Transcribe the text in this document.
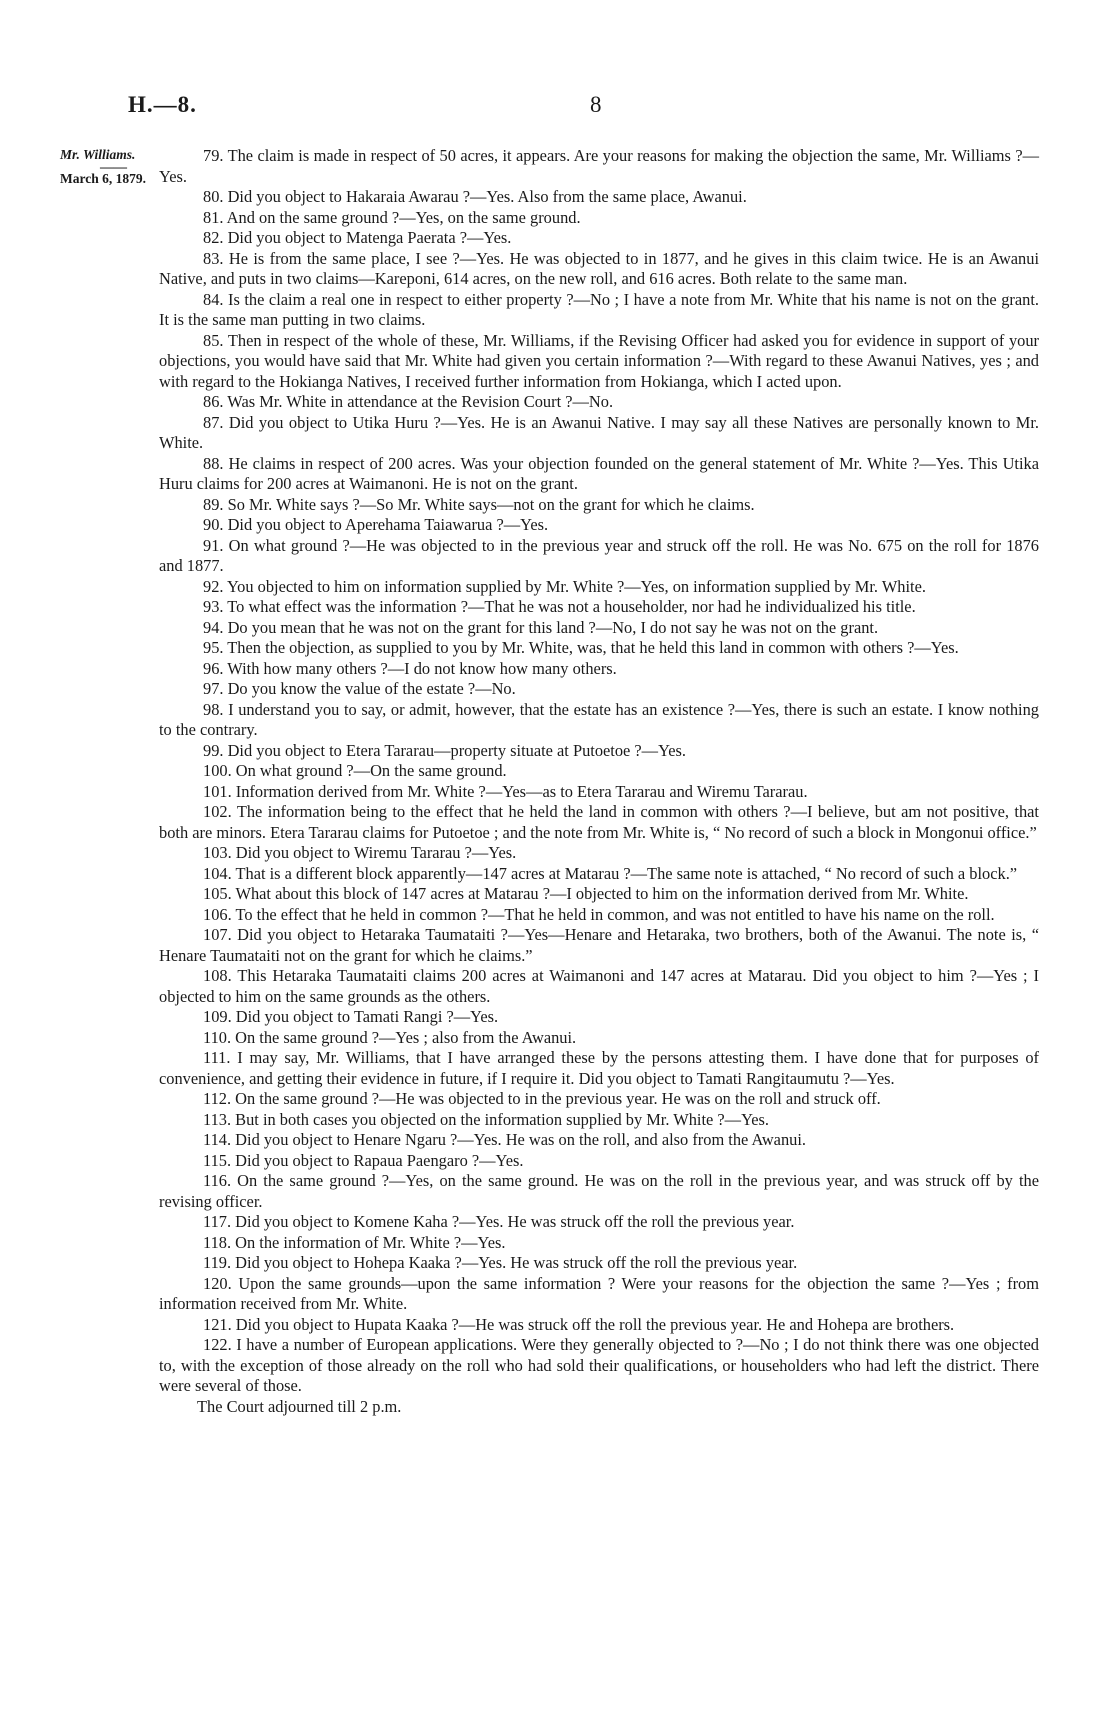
H.—8.	8
Mr. Williams.
——
March 6, 1879.

79. The claim is made in respect of 50 acres, it appears. Are your reasons for making the objection the same, Mr. Williams ?—Yes.

80. Did you object to Hakaraia Awarau ?—Yes. Also from the same place, Awanui.

81. And on the same ground ?—Yes, on the same ground.

82. Did you object to Matenga Paerata ?—Yes.

83. He is from the same place, I see ?—Yes. He was objected to in 1877, and he gives in this claim twice. He is an Awanui Native, and puts in two claims—Kareponi, 614 acres, on the new roll, and 616 acres. Both relate to the same man.

84. Is the claim a real one in respect to either property ?—No ; I have a note from Mr. White that his name is not on the grant. It is the same man putting in two claims.

85. Then in respect of the whole of these, Mr. Williams, if the Revising Officer had asked you for evidence in support of your objections, you would have said that Mr. White had given you certain information ?—With regard to these Awanui Natives, yes ; and with regard to the Hokianga Natives, I received further information from Hokianga, which I acted upon.

86. Was Mr. White in attendance at the Revision Court ?—No.

87. Did you object to Utika Huru ?—Yes. He is an Awanui Native. I may say all these Natives are personally known to Mr. White.

88. He claims in respect of 200 acres. Was your objection founded on the general statement of Mr. White ?—Yes. This Utika Huru claims for 200 acres at Waimanoni. He is not on the grant.

89. So Mr. White says ?—So Mr. White says—not on the grant for which he claims.

90. Did you object to Aperehama Taiawarua ?—Yes.

91. On what ground ?—He was objected to in the previous year and struck off the roll. He was No. 675 on the roll for 1876 and 1877.

92. You objected to him on information supplied by Mr. White ?—Yes, on information supplied by Mr. White.

93. To what effect was the information ?—That he was not a householder, nor had he individualized his title.

94. Do you mean that he was not on the grant for this land ?—No, I do not say he was not on the grant.

95. Then the objection, as supplied to you by Mr. White, was, that he held this land in common with others ?—Yes.

96. With how many others ?—I do not know how many others.

97. Do you know the value of the estate ?—No.

98. I understand you to say, or admit, however, that the estate has an existence ?—Yes, there is such an estate. I know nothing to the contrary.

99. Did you object to Etera Tararau—property situate at Putoetoe ?—Yes.

100. On what ground ?—On the same ground.

101. Information derived from Mr. White ?—Yes—as to Etera Tararau and Wiremu Tararau.

102. The information being to the effect that he held the land in common with others ?—I believe, but am not positive, that both are minors. Etera Tararau claims for Putoetoe ; and the note from Mr. White is, “ No record of such a block in Mongonui office.”

103. Did you object to Wiremu Tararau ?—Yes.

104. That is a different block apparently—147 acres at Matarau ?—The same note is attached, “ No record of such a block.”

105. What about this block of 147 acres at Matarau ?—I objected to him on the information derived from Mr. White.

106. To the effect that he held in common ?—That he held in common, and was not entitled to have his name on the roll.

107. Did you object to Hetaraka Taumataiti ?—Yes—Henare and Hetaraka, two brothers, both of the Awanui. The note is, “ Henare Taumataiti not on the grant for which he claims.”

108. This Hetaraka Taumataiti claims 200 acres at Waimanoni and 147 acres at Matarau. Did you object to him ?—Yes ; I objected to him on the same grounds as the others.

109. Did you object to Tamati Rangi ?—Yes.

110. On the same ground ?—Yes ; also from the Awanui.

111. I may say, Mr. Williams, that I have arranged these by the persons attesting them. I have done that for purposes of convenience, and getting their evidence in future, if I require it. Did you object to Tamati Rangitaumutu ?—Yes.

112. On the same ground ?—He was objected to in the previous year. He was on the roll and struck off.

113. But in both cases you objected on the information supplied by Mr. White ?—Yes.

114. Did you object to Henare Ngaru ?—Yes. He was on the roll, and also from the Awanui.

115. Did you object to Rapaua Paengaro ?—Yes.

116. On the same ground ?—Yes, on the same ground. He was on the roll in the previous year, and was struck off by the revising officer.

117. Did you object to Komene Kaha ?—Yes. He was struck off the roll the previous year.

118. On the information of Mr. White ?—Yes.

119. Did you object to Hohepa Kaaka ?—Yes. He was struck off the roll the previous year.

120. Upon the same grounds—upon the same information ? Were your reasons for the objection the same ?—Yes ; from information received from Mr. White.

121. Did you object to Hupata Kaaka ?—He was struck off the roll the previous year. He and Hohepa are brothers.

122. I have a number of European applications. Were they generally objected to ?—No ; I do not think there was one objected to, with the exception of those already on the roll who had sold their qualifications, or householders who had left the district. There were several of those.

The Court adjourned till 2 p.m.
